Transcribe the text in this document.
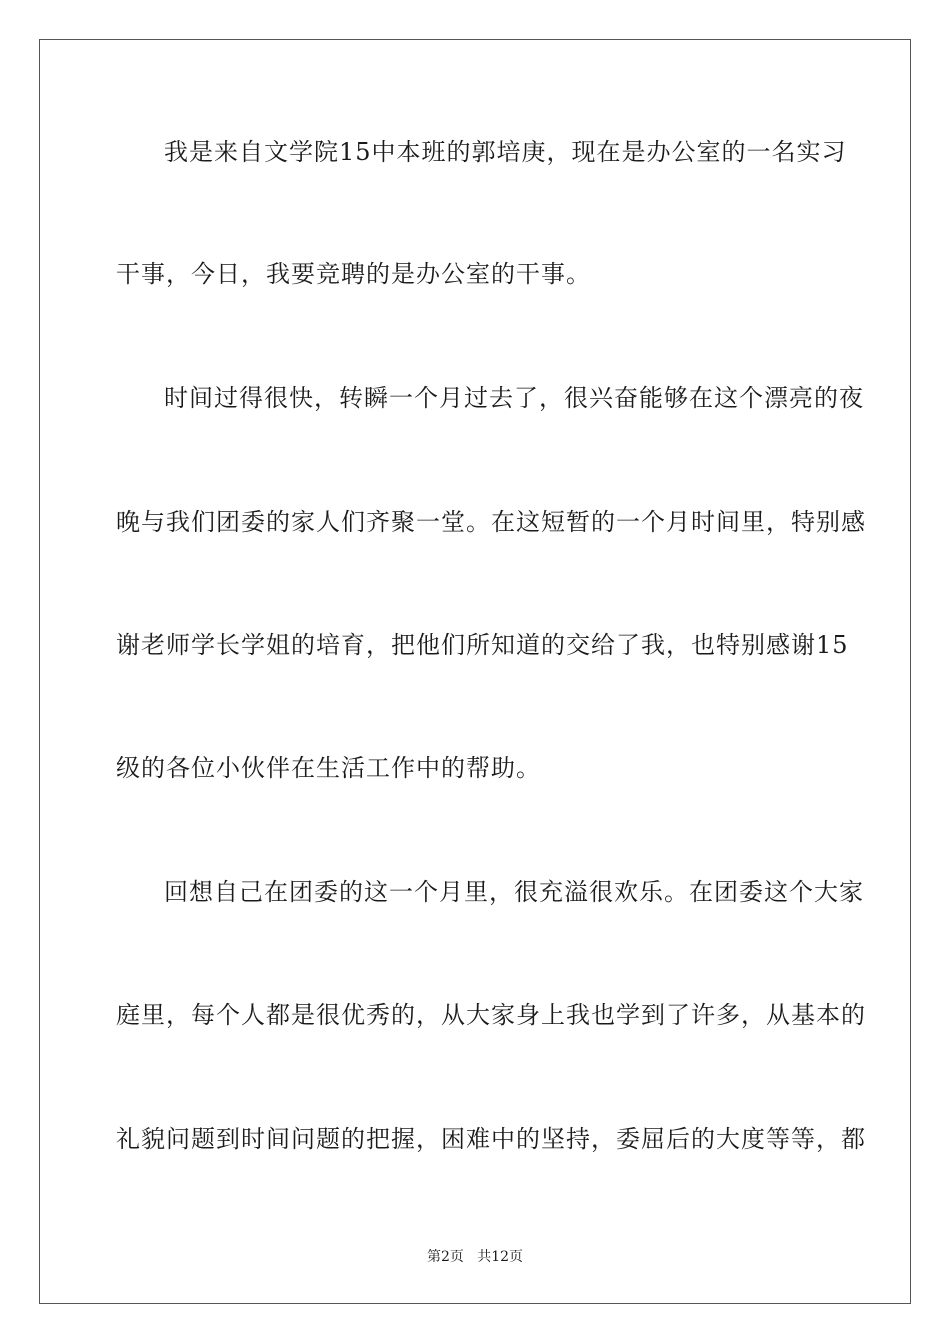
我是来自文学院15中本班的郭培庚，现在是办公室的一名实习
干事，今日，我要竞聘的是办公室的干事。
时间过得很快，转瞬一个月过去了，很兴奋能够在这个漂亮的夜
晚与我们团委的家人们齐聚一堂。在这短暂的一个月时间里，特别感
谢老师学长学姐的培育，把他们所知道的交给了我，也特别感谢15
级的各位小伙伴在生活工作中的帮助。
回想自己在团委的这一个月里，很充溢很欢乐。在团委这个大家
庭里，每个人都是很优秀的，从大家身上我也学到了许多，从基本的
礼貌问题到时间问题的把握，困难中的坚持，委屈后的大度等等，都
第2页   共12页
